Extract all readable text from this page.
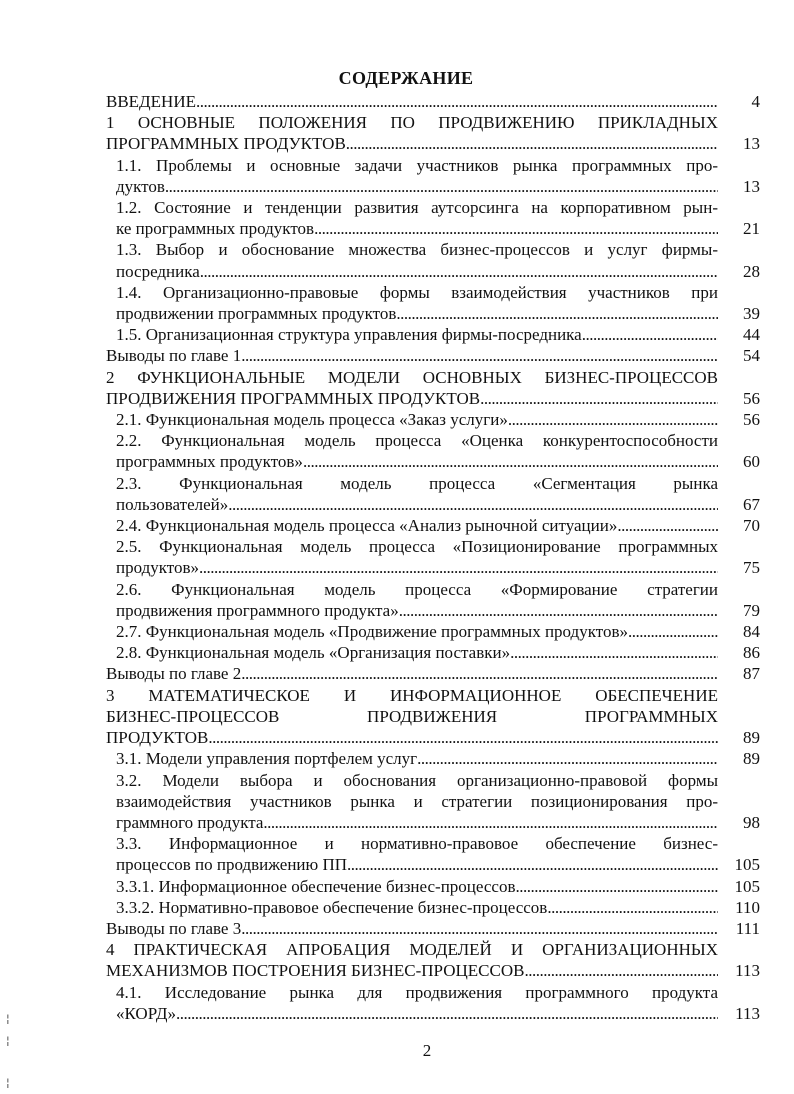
СОДЕРЖАНИЕ
ВВЕДЕНИЕ .....	4
1 ОСНОВНЫЕ ПОЛОЖЕНИЯ ПО ПРОДВИЖЕНИЮ ПРИКЛАДНЫХ
ПРОГРАММНЫХ ПРОДУКТОВ .....	13
1.1. Проблемы и основные задачи участников рынка программных про-
дуктов .....	13
1.2. Состояние и тенденции развития аутсорсинга на корпоративном рын-
ке программных продуктов .....	21
1.3. Выбор и обоснование множества бизнес-процессов и услуг фирмы-
посредника .....	28
1.4. Организационно-правовые формы взаимодействия участников при
продвижении программных продуктов .....	39
1.5. Организационная структура управления фирмы-посредника .....	44
Выводы по главе 1 .....	54
2 ФУНКЦИОНАЛЬНЫЕ МОДЕЛИ ОСНОВНЫХ БИЗНЕС-ПРОЦЕССОВ
ПРОДВИЖЕНИЯ ПРОГРАММНЫХ ПРОДУКТОВ .....	56
2.1. Функциональная модель процесса «Заказ услуги» .....	56
2.2. Функциональная модель процесса «Оценка конкурентоспособности
программных продуктов» .....	60
2.3. Функциональная модель процесса «Сегментация рынка
пользователей» .....	67
2.4. Функциональная модель процесса «Анализ рыночной ситуации» .....	70
2.5. Функциональная модель процесса «Позиционирование программных
продуктов» .....	75
2.6. Функциональная модель процесса «Формирование стратегии
продвижения программного продукта» .....	79
2.7. Функциональная модель «Продвижение программных продуктов» .....	84
2.8. Функциональная модель «Организация поставки» .....	86
Выводы по главе 2 .....	87
3 МАТЕМАТИЧЕСКОЕ И ИНФОРМАЦИОННОЕ ОБЕСПЕЧЕНИЕ
БИЗНЕС-ПРОЦЕССОВ ПРОДВИЖЕНИЯ ПРОГРАММНЫХ
ПРОДУКТОВ .....	89
3.1. Модели управления портфелем услуг .....	89
3.2. Модели выбора и обоснования организационно-правовой формы
взаимодействия участников рынка и стратегии позиционирования про-
граммного продукта .....	98
3.3. Информационное и нормативно-правовое обеспечение бизнес-
процессов по продвижению ПП .....	105
3.3.1. Информационное обеспечение бизнес-процессов .....	105
3.3.2. Нормативно-правовое обеспечение бизнес-процессов .....	110
Выводы по главе 3 .....	111
4 ПРАКТИЧЕСКАЯ АПРОБАЦИЯ МОДЕЛЕЙ И ОРГАНИЗАЦИОННЫХ
МЕХАНИЗМОВ ПОСТРОЕНИЯ БИЗНЕС-ПРОЦЕССОВ .....	113
4.1. Исследование рынка для продвижения программного продукта
«КОРД» .....	113
2
¦
¦
¦
